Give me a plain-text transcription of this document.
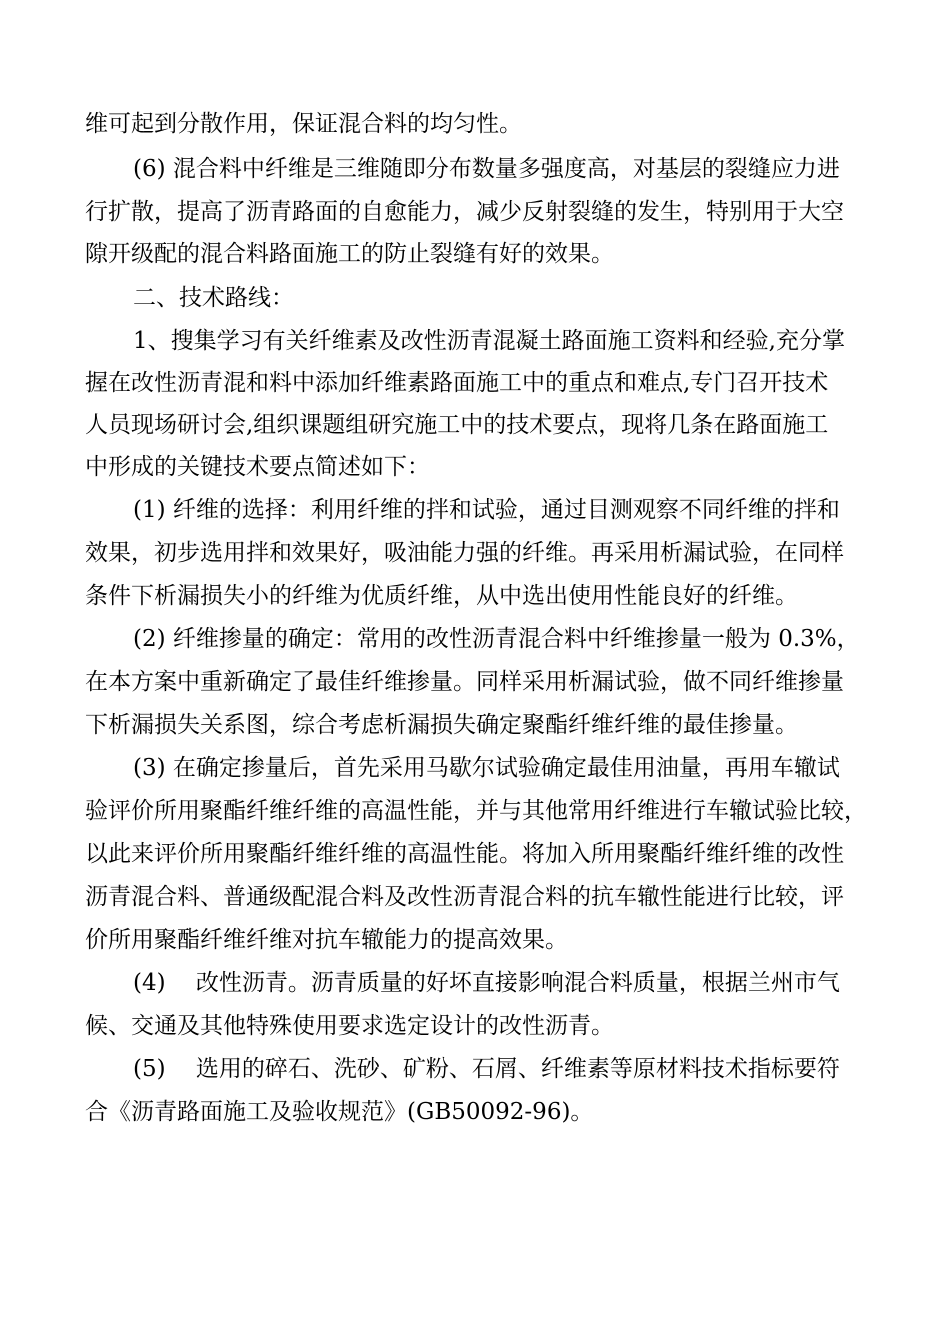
维可起到分散作用，保证混合料的均匀性。
(6) 混合料中纤维是三维随即分布数量多强度高，对基层的裂缝应力进
行扩散，提高了沥青路面的自愈能力，减少反射裂缝的发生，特别用于大空
隙开级配的混合料路面施工的防止裂缝有好的效果。
二、技术路线：
1、搜集学习有关纤维素及改性沥青混凝土路面施工资料和经验,充分掌
握在改性沥青混和料中添加纤维素路面施工中的重点和难点,专门召开技术
人员现场研讨会,组织课题组研究施工中的技术要点，现将几条在路面施工
中形成的关键技术要点简述如下：
(1) 纤维的选择：利用纤维的拌和试验，通过目测观察不同纤维的拌和
效果，初步选用拌和效果好，吸油能力强的纤维。再采用析漏试验，在同样
条件下析漏损失小的纤维为优质纤维，从中选出使用性能良好的纤维。
(2) 纤维掺量的确定：常用的改性沥青混合料中纤维掺量一般为 0.3%，
在本方案中重新确定了最佳纤维掺量。同样采用析漏试验，做不同纤维掺量
下析漏损失关系图，综合考虑析漏损失确定聚酯纤维纤维的最佳掺量。
(3) 在确定掺量后，首先采用马歇尔试验确定最佳用油量，再用车辙试
验评价所用聚酯纤维纤维的高温性能，并与其他常用纤维进行车辙试验比较，
以此来评价所用聚酯纤维纤维的高温性能。将加入所用聚酯纤维纤维的改性
沥青混合料、普通级配混合料及改性沥青混合料的抗车辙性能进行比较，评
价所用聚酯纤维纤维对抗车辙能力的提高效果。
(4)　 改性沥青。沥青质量的好坏直接影响混合料质量，根据兰州市气
候、交通及其他特殊使用要求选定设计的改性沥青。
(5)　 选用的碎石、洗砂、矿粉、石屑、纤维素等原材料技术指标要符
合《沥青路面施工及验收规范》(GB50092-96)。
